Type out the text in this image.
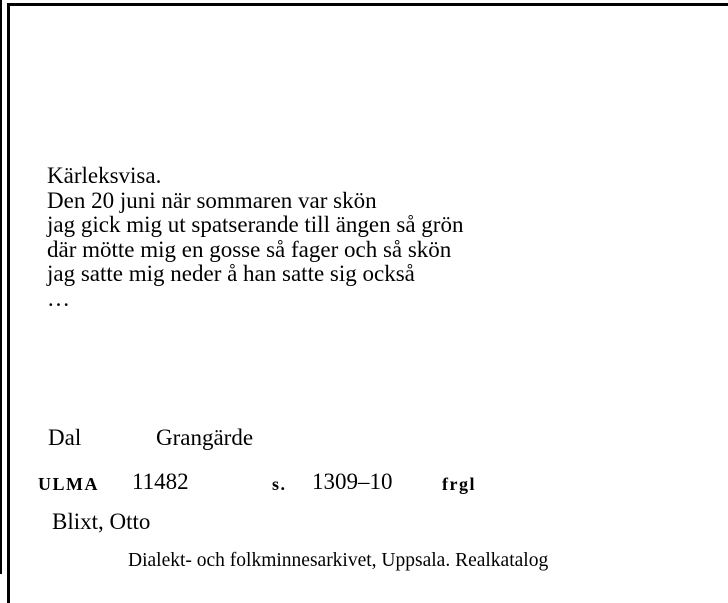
Kärleksvisa.
Den 20 juni när sommaren var skön
jag gick mig ut spatserande till ängen så grön
där mötte mig en gosse så fager och så skön
jag satte mig neder å han satte sig också
…
Dal	Grangärde
ULMA 11482	s. 1309–10	frgl
Blixt, Otto
Dialekt- och folkminnesarkivet, Uppsala. Realkatalog
